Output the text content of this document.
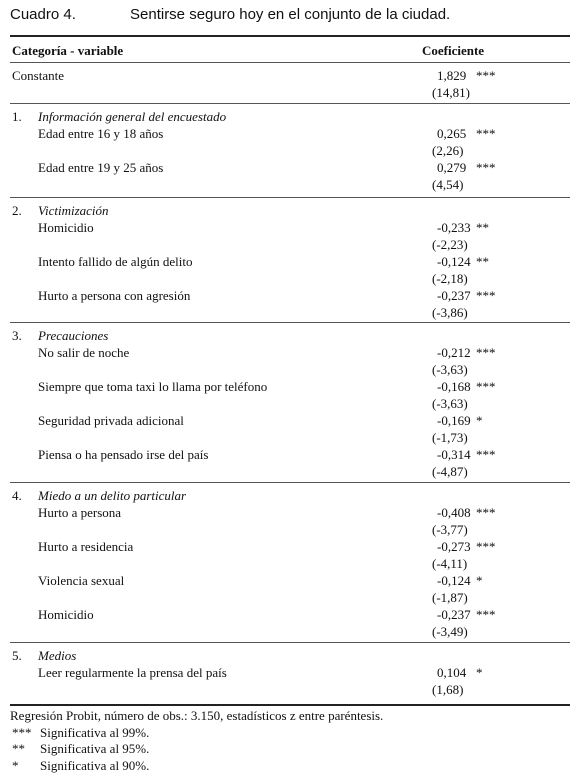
Cuadro 4.	Sentirse seguro hoy en el conjunto de la ciudad.
Categoría - variable	Coeficiente
Constante	1,829 ***
(14,81)
1. Información general del encuestado
Edad entre 16 y 18 años	0,265 ***
(2,26)
Edad entre 19 y 25 años	0,279 ***
(4,54)
2. Victimización
Homicidio	-0,233 **
(-2,23)
Intento fallido de algún delito	-0,124 **
(-2,18)
Hurto a persona con agresión	-0,237 ***
(-3,86)
3. Precauciones
No salir de noche	-0,212 ***
(-3,63)
Siempre que toma taxi lo llama por teléfono	-0,168 ***
(-3,63)
Seguridad privada adicional	-0,169 *
(-1,73)
Piensa o ha pensado irse del país	-0,314 ***
(-4,87)
4. Miedo a un delito particular
Hurto a persona	-0,408 ***
(-3,77)
Hurto a residencia	-0,273 ***
(-4,11)
Violencia sexual	-0,124 *
(-1,87)
Homicidio	-0,237 ***
(-3,49)
5. Medios
Leer regularmente la prensa del país	0,104 *
(1,68)
Regresión Probit, número de obs.: 3.150, estadísticos z entre paréntesis.
*** Significativa al 99%.
** Significativa al 95%.
* Significativa al 90%.
